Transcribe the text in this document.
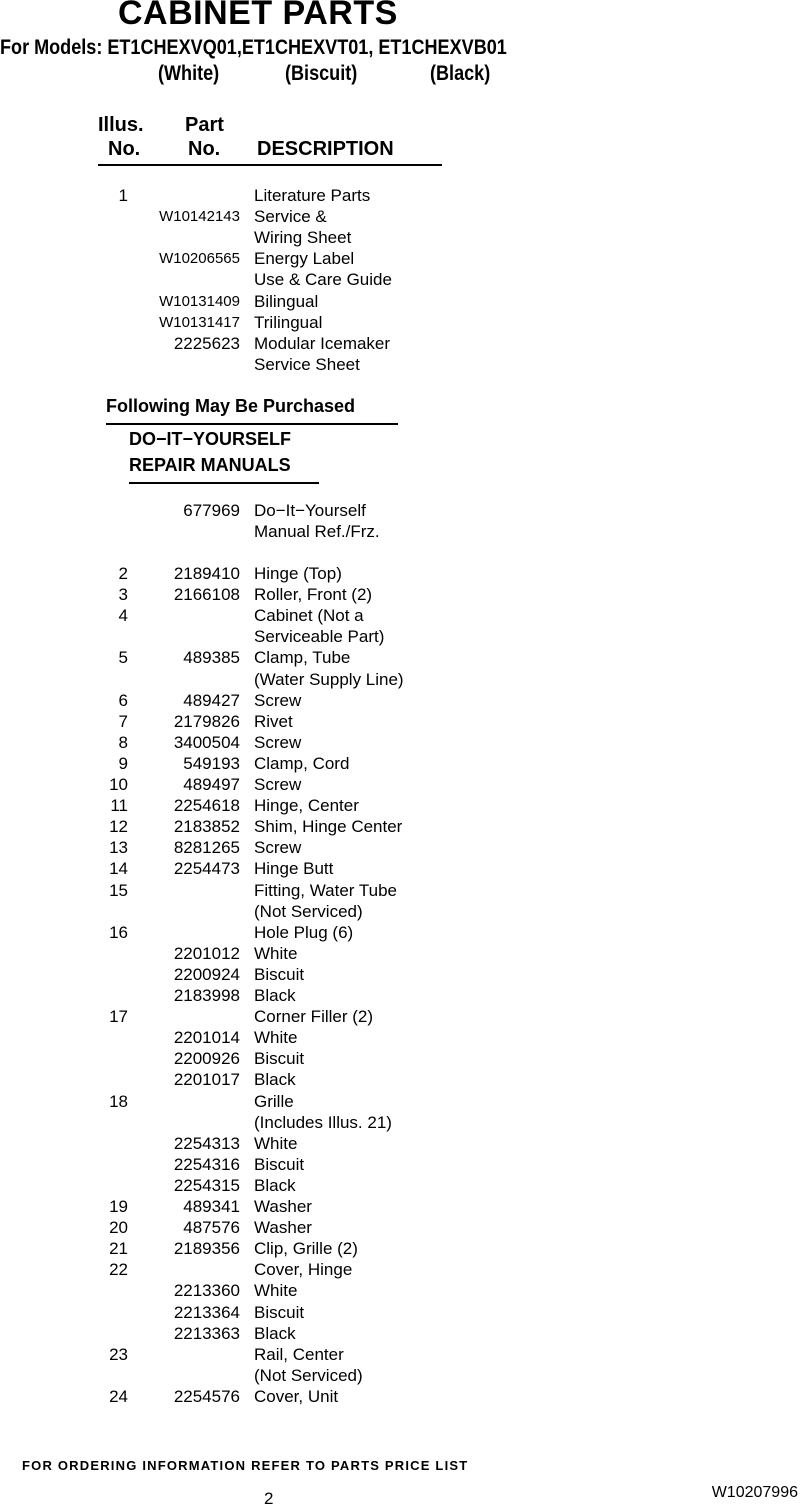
CABINET PARTS
For Models: ET1CHEXVQ01,ET1CHEXVT01, ET1CHEXVB01
(White)	(Biscuit)	(Black)
Illus.
No.
Part
No. DESCRIPTION
1	Literature Parts
W10142143 Service &
Wiring Sheet
W10206565 Energy Label
Use & Care Guide
W10131409 Bilingual
W10131417 Trilingual
2225623 Modular Icemaker
Service Sheet
Following May Be Purchased
DO−IT−YOURSELF
REPAIR MANUALS
677969 Do−It−Yourself
Manual Ref./Frz.
2	2189410 Hinge (Top)
3	2166108 Roller, Front (2)
4	Cabinet (Not a
Serviceable Part)
5	489385 Clamp, Tube
(Water Supply Line)
6	489427 Screw
7	2179826 Rivet
8	3400504 Screw
9	549193 Clamp, Cord
10	489497 Screw
11	2254618 Hinge, Center
12	2183852 Shim, Hinge Center
13	8281265 Screw
14	2254473 Hinge Butt
15	Fitting, Water Tube
(Not Serviced)
16	Hole Plug (6)
2201012 White
2200924 Biscuit
2183998 Black
17	Corner Filler (2)
2201014 White
2200926 Biscuit
2201017 Black
18	Grille
(Includes Illus. 21)
2254313 White
2254316 Biscuit
2254315 Black
19	489341 Washer
20	487576 Washer
21	2189356 Clip, Grille (2)
22	Cover, Hinge
2213360 White
2213364 Biscuit
2213363 Black
23	Rail, Center
(Not Serviced)
24	2254576 Cover, Unit
FOR ORDERING INFORMATION REFER TO PARTS PRICE LIST
2	W10207996
